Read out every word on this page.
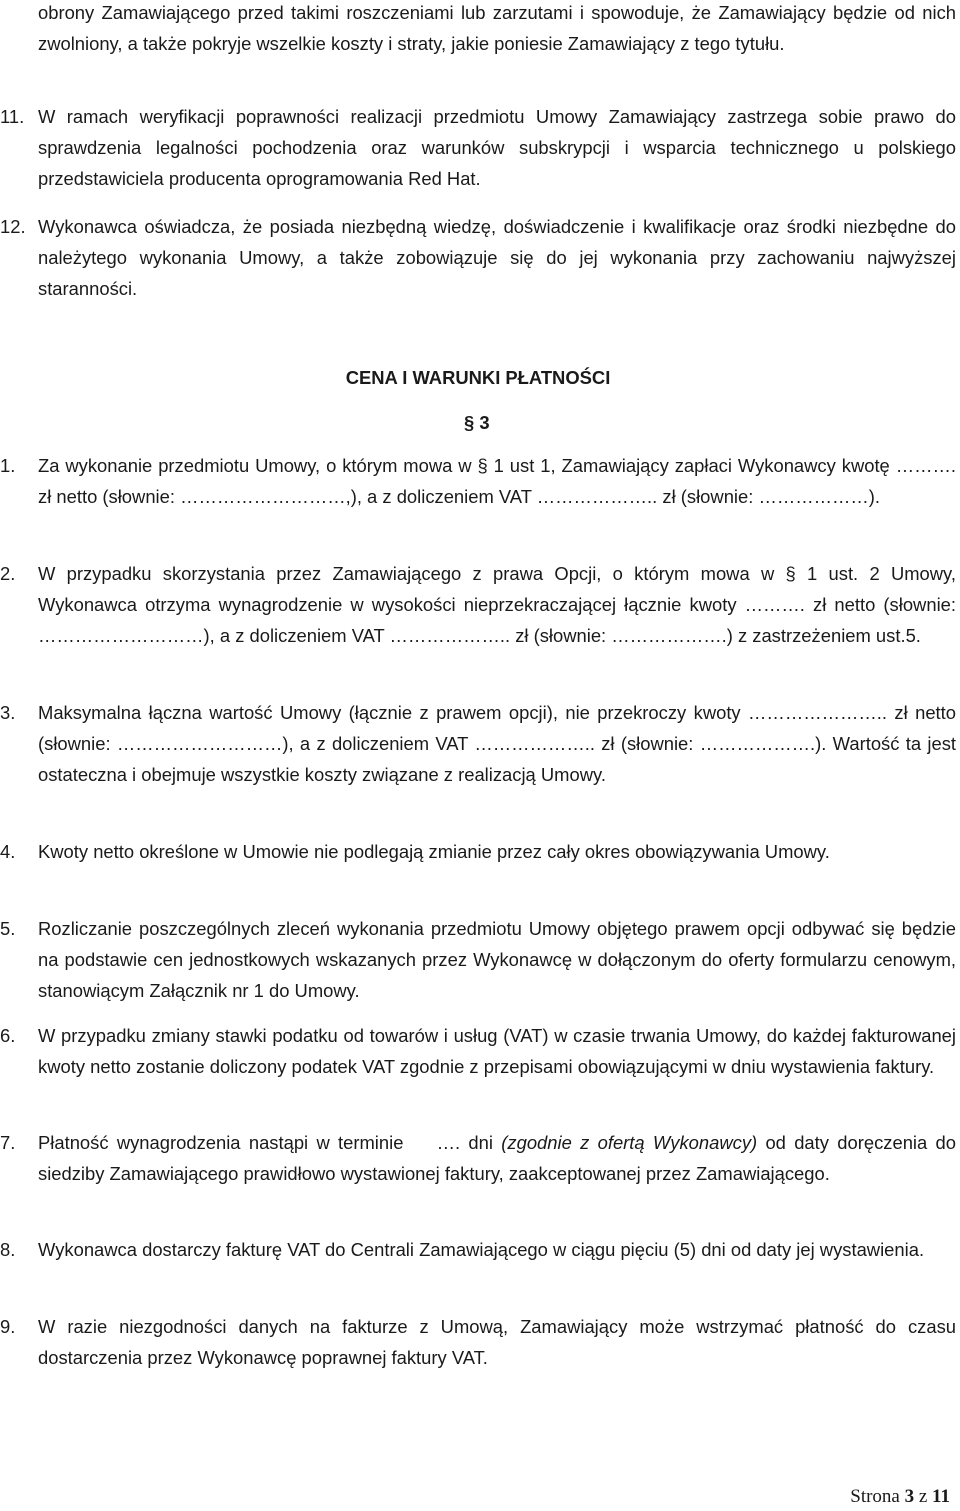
obrony Zamawiającego przed takimi roszczeniami lub zarzutami i spowoduje, że Zamawiający będzie od nich zwolniony, a także pokryje wszelkie koszty i straty, jakie poniesie Zamawiający z tego tytułu.

11. W ramach weryfikacji poprawności realizacji przedmiotu Umowy Zamawiający zastrzega sobie prawo do sprawdzenia legalności pochodzenia oraz warunków subskrypcji i wsparcia technicznego u polskiego przedstawiciela producenta oprogramowania Red Hat.
12. Wykonawca oświadcza, że posiada niezbędną wiedzę, doświadczenie i kwalifikacje oraz środki niezbędne do należytego wykonania Umowy, a także zobowiązuje się do jej wykonania przy zachowaniu najwyższej staranności.
CENA I WARUNKI PŁATNOŚCI
§ 3
1.	Za wykonanie przedmiotu Umowy, o którym mowa w § 1 ust 1, Zamawiający zapłaci Wykonawcy kwotę ………. zł netto (słownie: ………………………,), a z doliczeniem VAT ……………….. zł (słownie: ………………).
2.	W przypadku skorzystania przez Zamawiającego z prawa Opcji, o którym mowa w § 1 ust. 2 Umowy, Wykonawca otrzyma wynagrodzenie w wysokości nieprzekraczającej łącznie kwoty ………. zł netto (słownie: ………………………), a z doliczeniem VAT ……………….. zł (słownie: ……………….) z zastrzeżeniem ust.5.
3.	Maksymalna łączna wartość Umowy (łącznie z prawem opcji), nie przekroczy kwoty ………………….. zł netto (słownie: ………………………), a z doliczeniem VAT ……………….. zł (słownie: ……………….). Wartość ta jest ostateczna i obejmuje wszystkie koszty związane z realizacją Umowy.
4.	Kwoty netto określone w Umowie nie podlegają zmianie przez cały okres obowiązywania Umowy.
5.	Rozliczanie poszczególnych zleceń wykonania przedmiotu Umowy objętego prawem opcji odbywać się będzie na podstawie cen jednostkowych wskazanych przez Wykonawcę w dołączonym do oferty formularzu cenowym, stanowiącym Załącznik nr 1 do Umowy.
6.	W przypadku zmiany stawki podatku od towarów i usług (VAT) w czasie trwania Umowy, do każdej fakturowanej kwoty netto zostanie doliczony podatek VAT zgodnie z przepisami obowiązującymi w dniu wystawienia faktury.
7.	Płatność wynagrodzenia nastąpi w terminie    …. dni (zgodnie z ofertą Wykonawcy) od daty doręczenia do siedziby Zamawiającego prawidłowo wystawionej faktury, zaakceptowanej przez Zamawiającego.
8.	Wykonawca dostarczy fakturę VAT do Centrali Zamawiającego w ciągu pięciu (5) dni od daty jej wystawienia.
9.	W razie niezgodności danych na fakturze z Umową, Zamawiający może wstrzymać płatność do czasu dostarczenia przez Wykonawcę poprawnej faktury VAT.
Strona 3 z 11
